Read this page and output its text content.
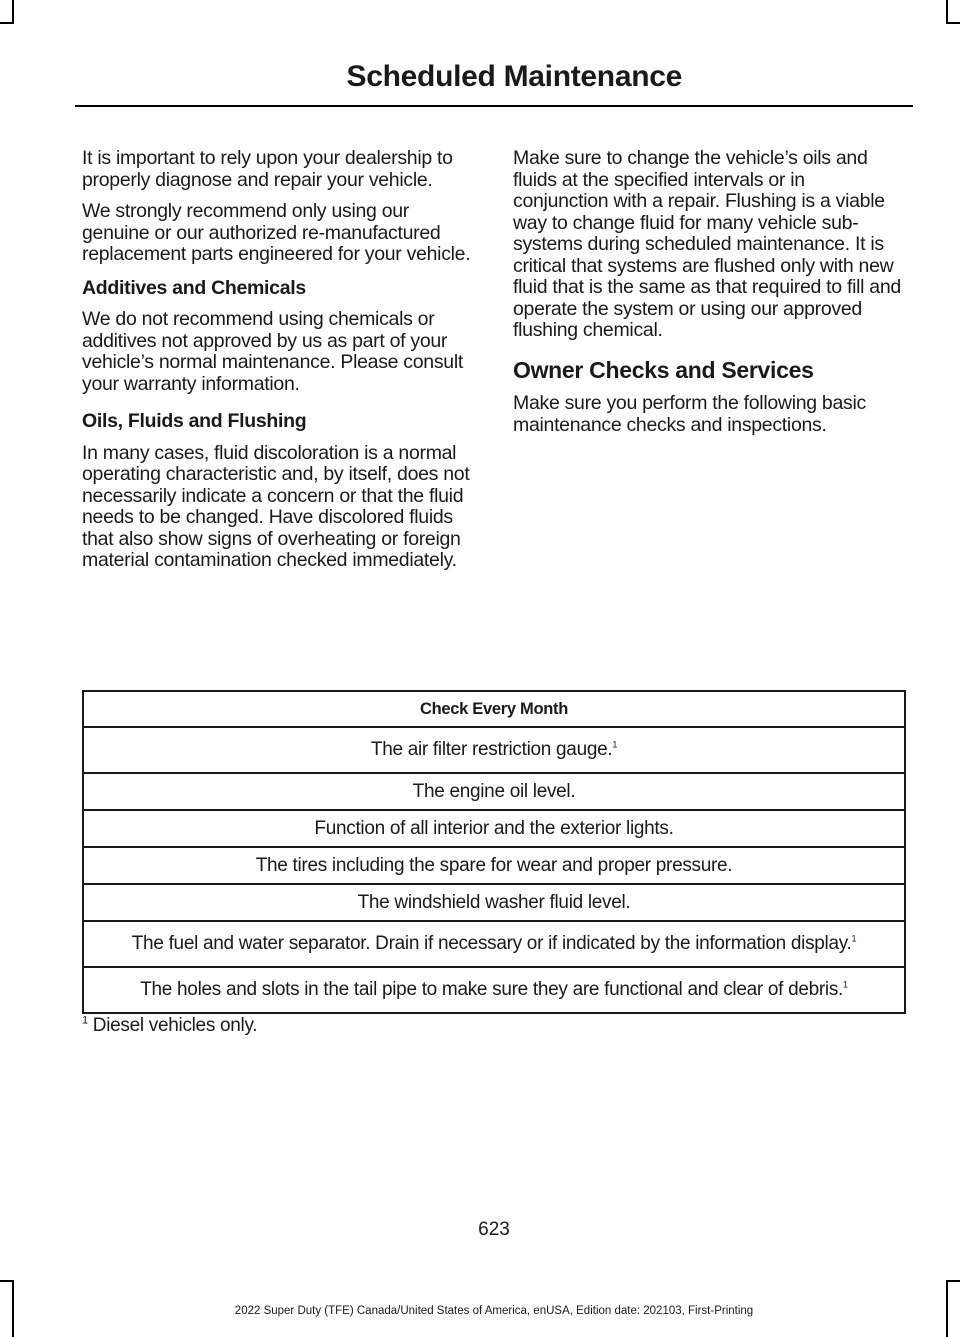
Scheduled Maintenance

It is important to rely upon your dealership to properly diagnose and repair your vehicle.

We strongly recommend only using our genuine or our authorized re-manufactured replacement parts engineered for your vehicle.

Additives and Chemicals

We do not recommend using chemicals or additives not approved by us as part of your vehicle’s normal maintenance. Please consult your warranty information.

Oils, Fluids and Flushing

In many cases, fluid discoloration is a normal operating characteristic and, by itself, does not necessarily indicate a concern or that the fluid needs to be changed. Have discolored fluids that also show signs of overheating or foreign material contamination checked immediately.

Make sure to change the vehicle’s oils and fluids at the specified intervals or in conjunction with a repair. Flushing is a viable way to change fluid for many vehicle sub-systems during scheduled maintenance. It is critical that systems are flushed only with new fluid that is the same as that required to fill and operate the system or using our approved flushing chemical.

Owner Checks and Services

Make sure you perform the following basic maintenance checks and inspections.

Check Every Month
The air filter restriction gauge.$^1$
The engine oil level.
Function of all interior and the exterior lights.
The tires including the spare for wear and proper pressure.
The windshield washer fluid level.
The fuel and water separator. Drain if necessary or if indicated by the information display.$^1$
The holes and slots in the tail pipe to make sure they are functional and clear of debris.$^1$
$^1$ Diesel vehicles only.
623
2022 Super Duty (TFE) Canada/United States of America, enUSA, Edition date: 202103, First-Printing
